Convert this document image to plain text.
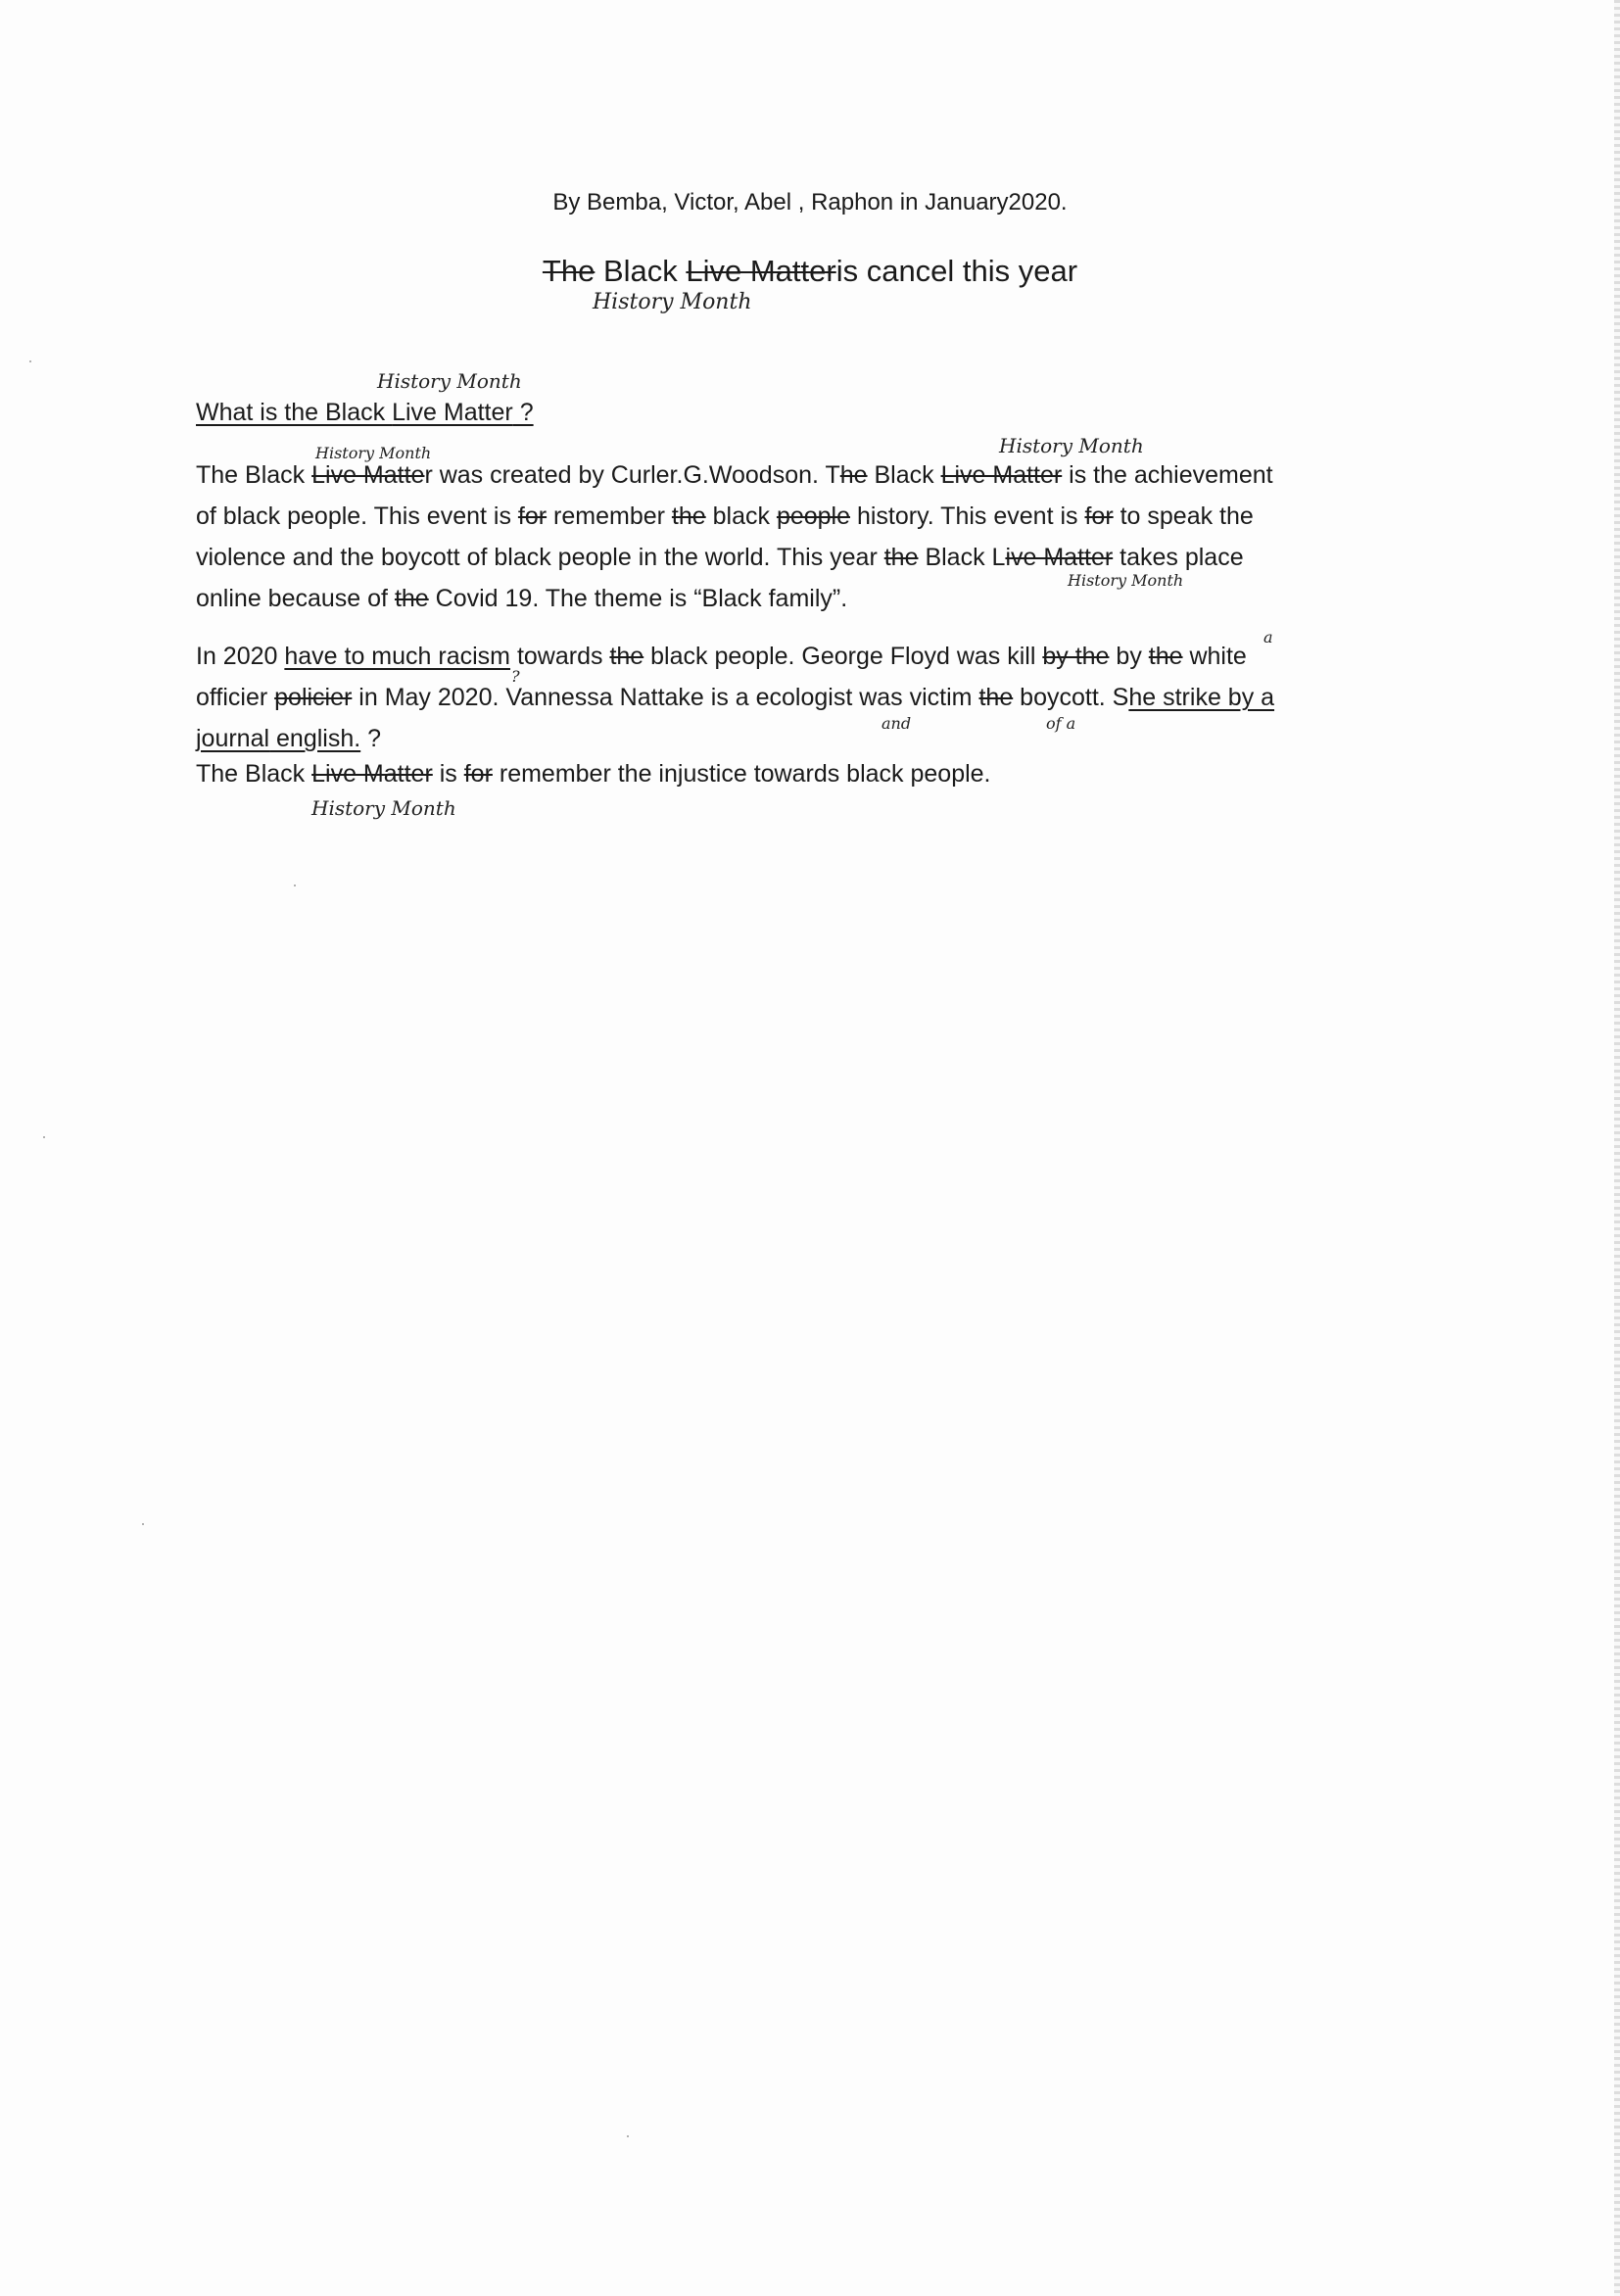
By Bemba, Victor, Abel , Raphon in January2020.
The Black Live Matteris cancel this year
History Month
History Month
What is the Black Live Matter ?
History Month	History Month
The Black Live Matter was created by Curler.G.Woodson. The Black Live Matter is the achievement
of black people. This event is for remember the black people history. This event is for to speak the
violence and the boycott of black people in the world. This year the Black Live Matter takes place
online because of the Covid 19. The theme is “Black family”.
History Month
a
In 2020 have to much racism towards the black people. George Floyd was kill by the by the white
?
officier policier in May 2020. Vannessa Nattake is a ecologist was victim the boycott. She strike by a
journal english. ?
and	of a
The Black Live Matter is for remember the injustice towards black people.
History Month
